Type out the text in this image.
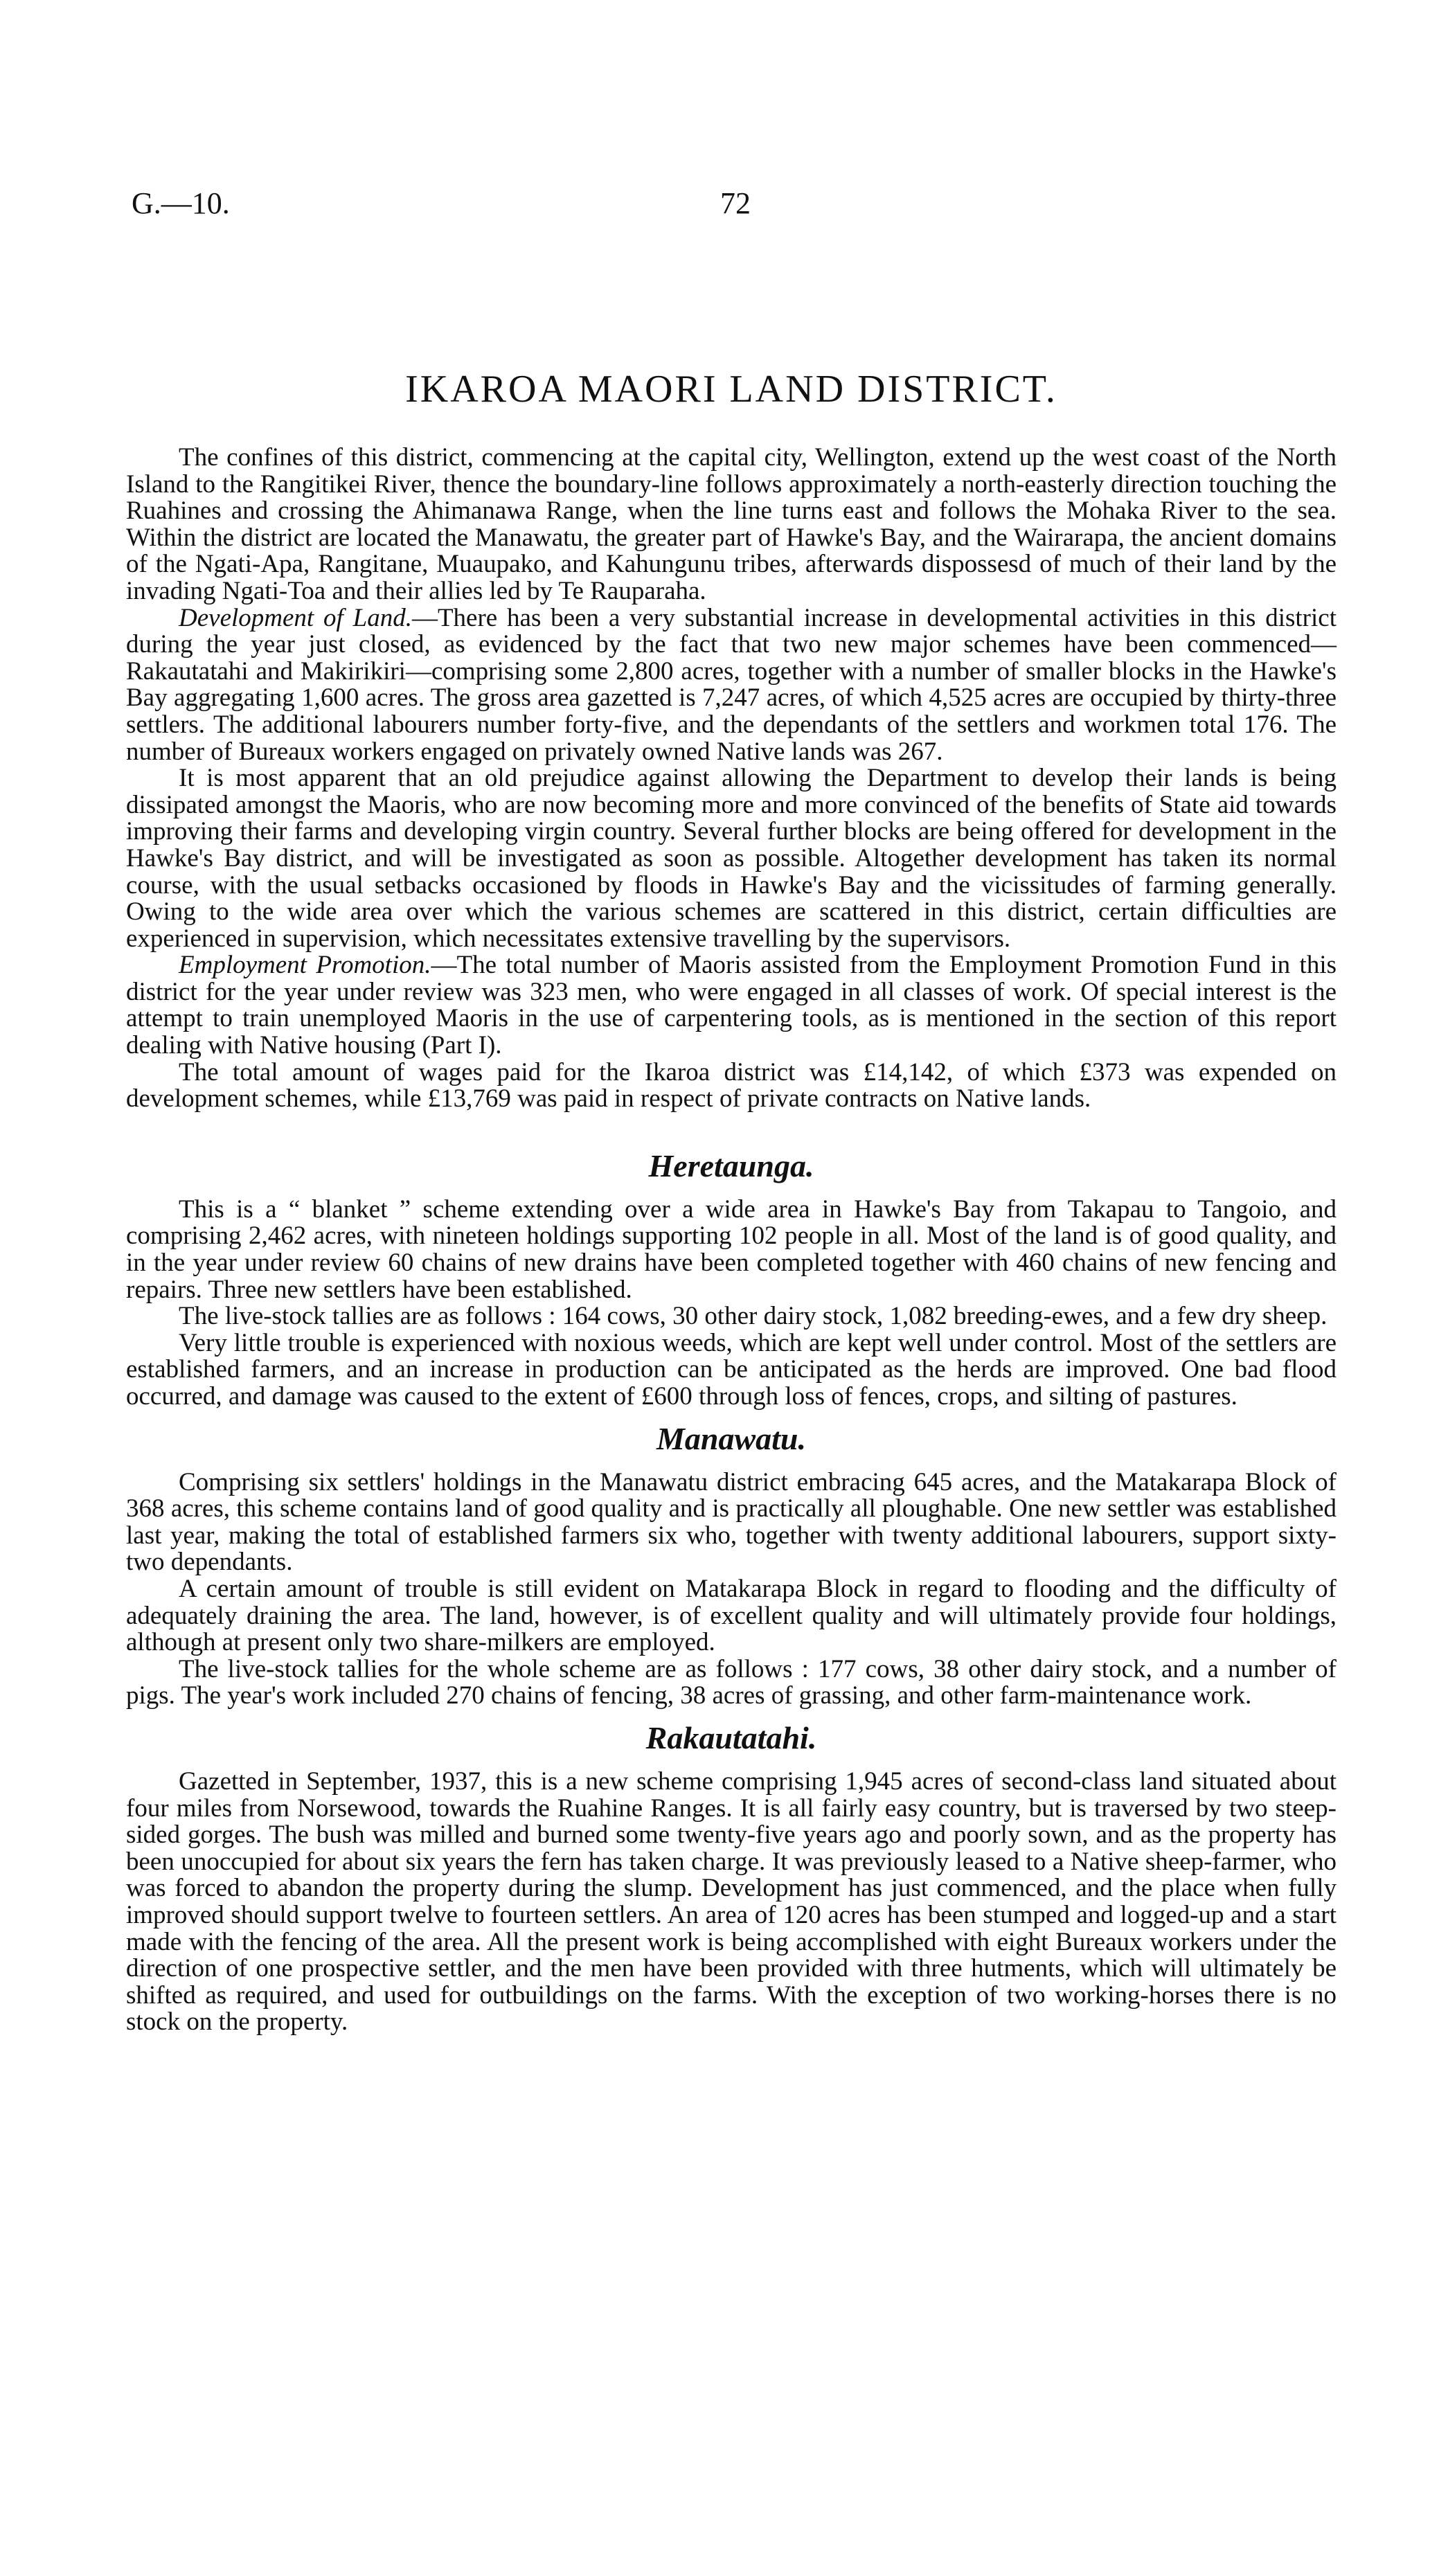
G.—10.	72
IKAROA MAORI LAND DISTRICT.

The confines of this district, commencing at the capital city, Wellington, extend up the west coast of the North Island to the Rangitikei River, thence the boundary-line follows approximately a north-easterly direction touching the Ruahines and crossing the Ahimanawa Range, when the line turns east and follows the Mohaka River to the sea. Within the district are located the Manawatu, the greater part of Hawke's Bay, and the Wairarapa, the ancient domains of the Ngati-Apa, Rangitane, Muaupako, and Kahungunu tribes, afterwards dispossesd of much of their land by the invading Ngati-Toa and their allies led by Te Rauparaha.

Development of Land.—There has been a very substantial increase in developmental activities in this district during the year just closed, as evidenced by the fact that two new major schemes have been commenced—Rakautatahi and Makirikiri—comprising some 2,800 acres, together with a number of smaller blocks in the Hawke's Bay aggregating 1,600 acres. The gross area gazetted is 7,247 acres, of which 4,525 acres are occupied by thirty-three settlers. The additional labourers number forty-five, and the dependants of the settlers and workmen total 176. The number of Bureaux workers engaged on privately owned Native lands was 267.

It is most apparent that an old prejudice against allowing the Department to develop their lands is being dissipated amongst the Maoris, who are now becoming more and more convinced of the benefits of State aid towards improving their farms and developing virgin country. Several further blocks are being offered for development in the Hawke's Bay district, and will be investigated as soon as possible. Altogether development has taken its normal course, with the usual setbacks occasioned by floods in Hawke's Bay and the vicissitudes of farming generally. Owing to the wide area over which the various schemes are scattered in this district, certain difficulties are experienced in supervision, which necessitates extensive travelling by the supervisors.

Employment Promotion.—The total number of Maoris assisted from the Employment Promotion Fund in this district for the year under review was 323 men, who were engaged in all classes of work. Of special interest is the attempt to train unemployed Maoris in the use of carpentering tools, as is mentioned in the section of this report dealing with Native housing (Part I).

The total amount of wages paid for the Ikaroa district was £14,142, of which £373 was expended on development schemes, while £13,769 was paid in respect of private contracts on Native lands.

Heretaunga.

This is a “ blanket ” scheme extending over a wide area in Hawke's Bay from Takapau to Tangoio, and comprising 2,462 acres, with nineteen holdings supporting 102 people in all. Most of the land is of good quality, and in the year under review 60 chains of new drains have been completed together with 460 chains of new fencing and repairs. Three new settlers have been established.

The live-stock tallies are as follows : 164 cows, 30 other dairy stock, 1,082 breeding-ewes, and a few dry sheep.

Very little trouble is experienced with noxious weeds, which are kept well under control. Most of the settlers are established farmers, and an increase in production can be anticipated as the herds are improved. One bad flood occurred, and damage was caused to the extent of £600 through loss of fences, crops, and silting of pastures.

Manawatu.

Comprising six settlers' holdings in the Manawatu district embracing 645 acres, and the Matakarapa Block of 368 acres, this scheme contains land of good quality and is practically all ploughable. One new settler was established last year, making the total of established farmers six who, together with twenty additional labourers, support sixty-two dependants.

A certain amount of trouble is still evident on Matakarapa Block in regard to flooding and the difficulty of adequately draining the area. The land, however, is of excellent quality and will ultimately provide four holdings, although at present only two share-milkers are employed.

The live-stock tallies for the whole scheme are as follows : 177 cows, 38 other dairy stock, and a number of pigs. The year's work included 270 chains of fencing, 38 acres of grassing, and other farm-maintenance work.

Rakautatahi.

Gazetted in September, 1937, this is a new scheme comprising 1,945 acres of second-class land situated about four miles from Norsewood, towards the Ruahine Ranges. It is all fairly easy country, but is traversed by two steep-sided gorges. The bush was milled and burned some twenty-five years ago and poorly sown, and as the property has been unoccupied for about six years the fern has taken charge. It was previously leased to a Native sheep-farmer, who was forced to abandon the property during the slump. Development has just commenced, and the place when fully improved should support twelve to fourteen settlers. An area of 120 acres has been stumped and logged-up and a start made with the fencing of the area. All the present work is being accomplished with eight Bureaux workers under the direction of one prospective settler, and the men have been provided with three hutments, which will ultimately be shifted as required, and used for outbuildings on the farms. With the exception of two working-horses there is no stock on the property.
